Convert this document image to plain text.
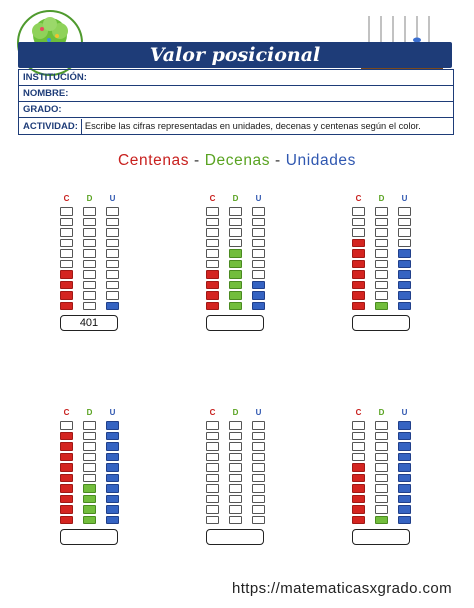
Valor posicional
INSTITUCIÓN:
NOMBRE:
GRADO:
ACTIVIDAD: Escribe las cifras representadas en unidades, decenas y centenas según el color.
Centenas - Decenas - Unidades
C	D	U
401
C	D	U	C	D	U
C	D	U	C	D	U	C	D	U
https://matematicasxgrado.com
